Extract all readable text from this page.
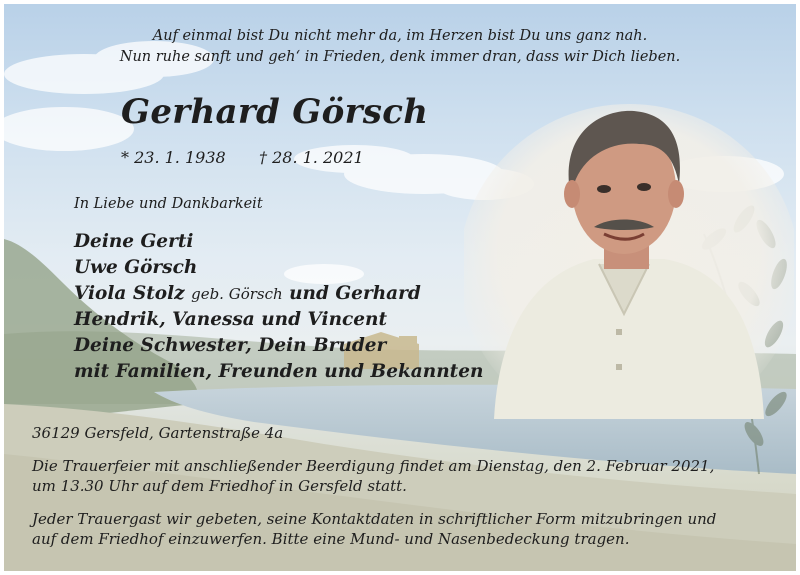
Auf einmal bist Du nicht mehr da, im Herzen bist Du uns ganz nah.
Nun ruhe sanft und geh‘ in Frieden, denk immer dran, dass wir Dich lieben.
Gerhard Görsch
* 23. 1. 1938 † 28. 1. 2021
In Liebe und Dankbarkeit
Deine Gerti
Uwe Görsch
Viola Stolz geb. Görsch und Gerhard
Hendrik, Vanessa und Vincent
Deine Schwester, Dein Bruder
mit Familien, Freunden und Bekannten
36129 Gersfeld, Gartenstraße 4a
Die Trauerfeier mit anschließender Beerdigung findet am Dienstag, den 2. Februar 2021,
um 13.30 Uhr auf dem Friedhof in Gersfeld statt.
Jeder Trauergast wir gebeten, seine Kontaktdaten in schriftlicher Form mitzubringen und
auf dem Friedhof einzuwerfen. Bitte eine Mund- und Nasenbedeckung tragen.
